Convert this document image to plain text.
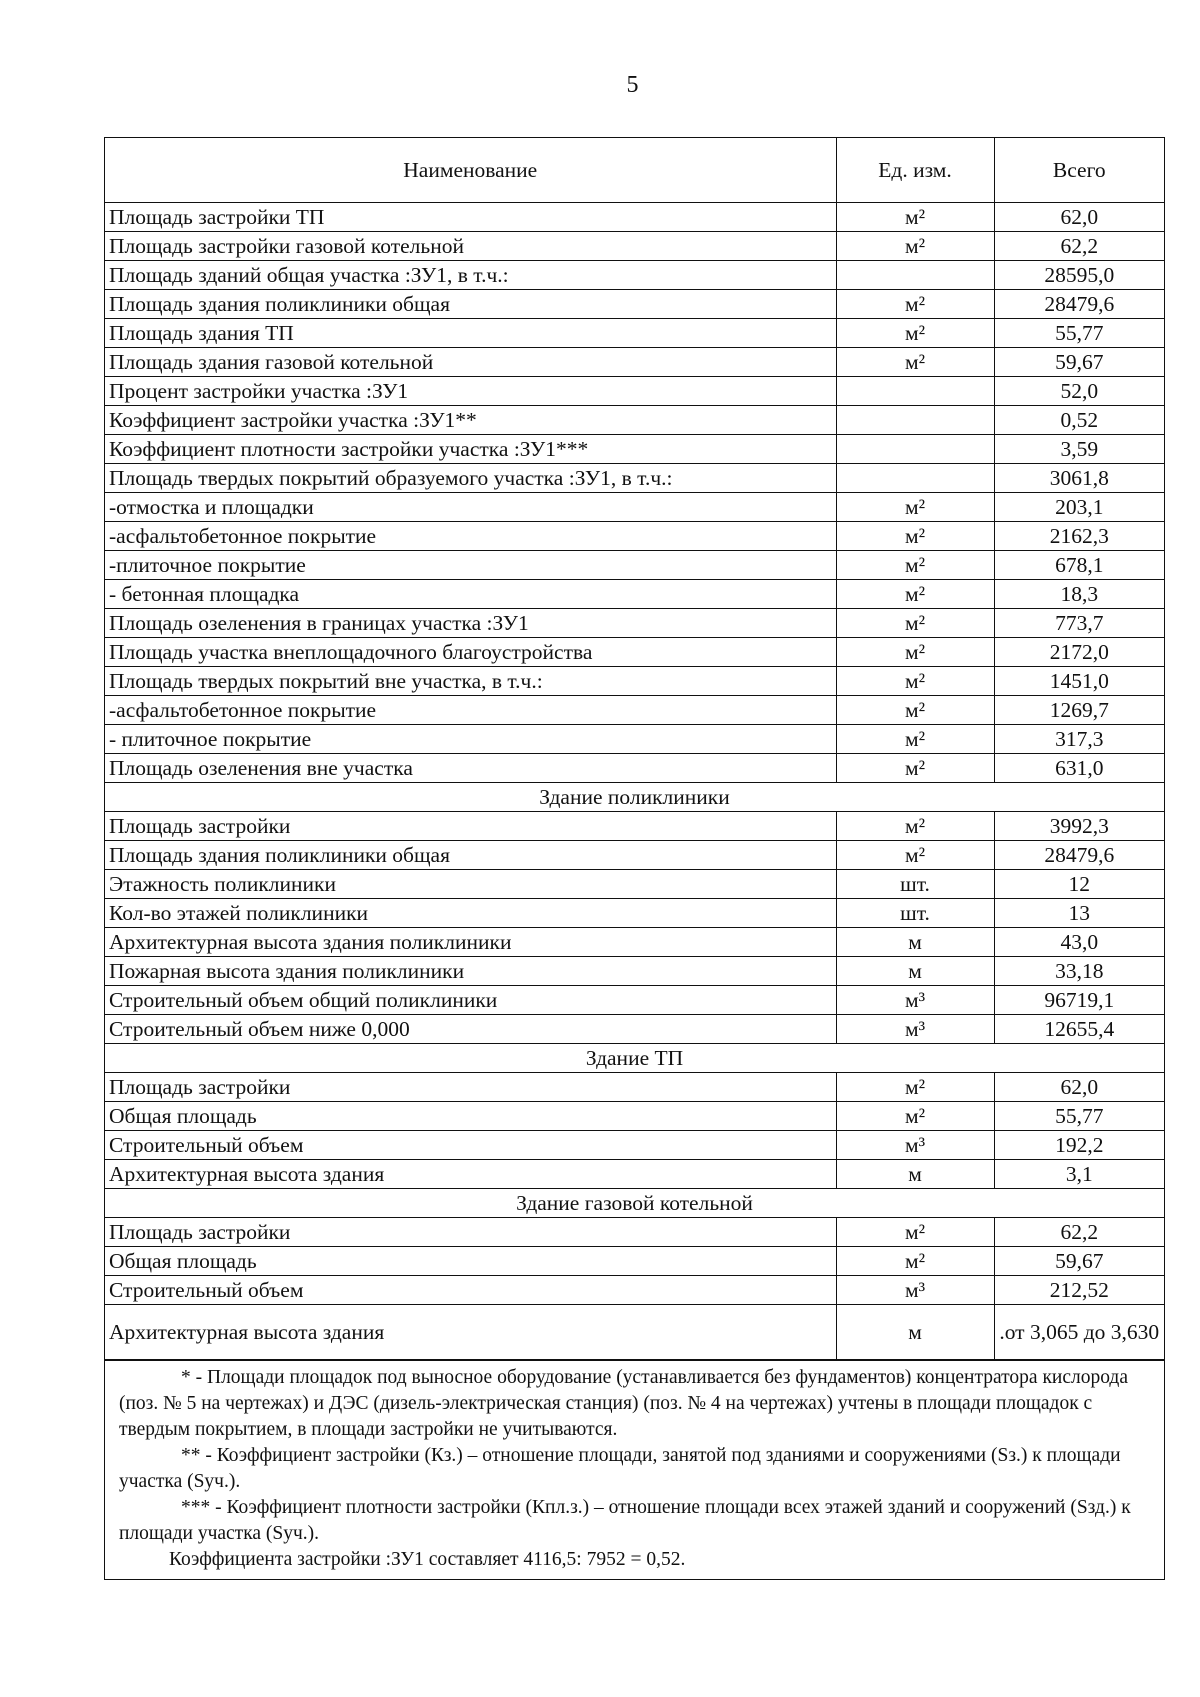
5
Наименование	Ед. изм.	Всего
Площадь застройки ТП	м²	62,0
Площадь застройки газовой котельной	м²	62,2
Площадь зданий общая участка :ЗУ1, в т.ч.:		28595,0
Площадь здания поликлиники общая	м²	28479,6
Площадь здания ТП	м²	55,77
Площадь здания газовой котельной	м²	59,67
Процент застройки участка :ЗУ1		52,0
Коэффициент застройки участка :ЗУ1**		0,52
Коэффициент плотности застройки участка :ЗУ1***		3,59
Площадь твердых покрытий образуемого участка :ЗУ1, в т.ч.:		3061,8
-отмостка и площадки	м²	203,1
-асфальтобетонное покрытие	м²	2162,3
-плиточное покрытие	м²	678,1
- бетонная площадка	м²	18,3
Площадь озеленения в границах участка :ЗУ1	м²	773,7
Площадь участка внеплощадочного благоустройства	м²	2172,0
Площадь твердых покрытий вне участка, в т.ч.:	м²	1451,0
-асфальтобетонное покрытие	м²	1269,7
- плиточное покрытие	м²	317,3
Площадь озеленения вне участка	м²	631,0
Здание поликлиники		
Площадь застройки	м²	3992,3
Площадь здания поликлиники общая	м²	28479,6
Этажность поликлиники	шт.	12
Кол-во этажей поликлиники	шт.	13
Архитектурная высота здания поликлиники	м	43,0
Пожарная высота здания поликлиники	м	33,18
Строительный объем общий поликлиники	м³	96719,1
Строительный объем ниже 0,000	м³	12655,4
Здание ТП		
Площадь застройки	м²	62,0
Общая площадь	м²	55,77
Строительный объем	м³	192,2
Архитектурная высота здания	м	3,1
Здание газовой котельной		
Площадь застройки	м²	62,2
Общая площадь	м²	59,67
Строительный объем	м³	212,52
Архитектурная высота здания	м	.от 3,065 до 3,630

* - Площади площадок под выносное оборудование (устанавливается без фундаментов) концентратора кислорода (поз. № 5 на чертежах) и ДЭС (дизель-электрическая станция) (поз. № 4 на чертежах) учтены в площади площадок с твердым покрытием, в площади застройки не учитываются.

** - Коэффициент застройки (Кз.) – отношение площади, занятой под зданиями и сооружениями (Sз.) к площади участка (Sуч.).

*** - Коэффициент плотности застройки (Кпл.з.) – отношение площади всех этажей зданий и сооружений (Sзд.) к площади участка (Sуч.).

Коэффициента застройки :ЗУ1 составляет 4116,5: 7952 = 0,52.
